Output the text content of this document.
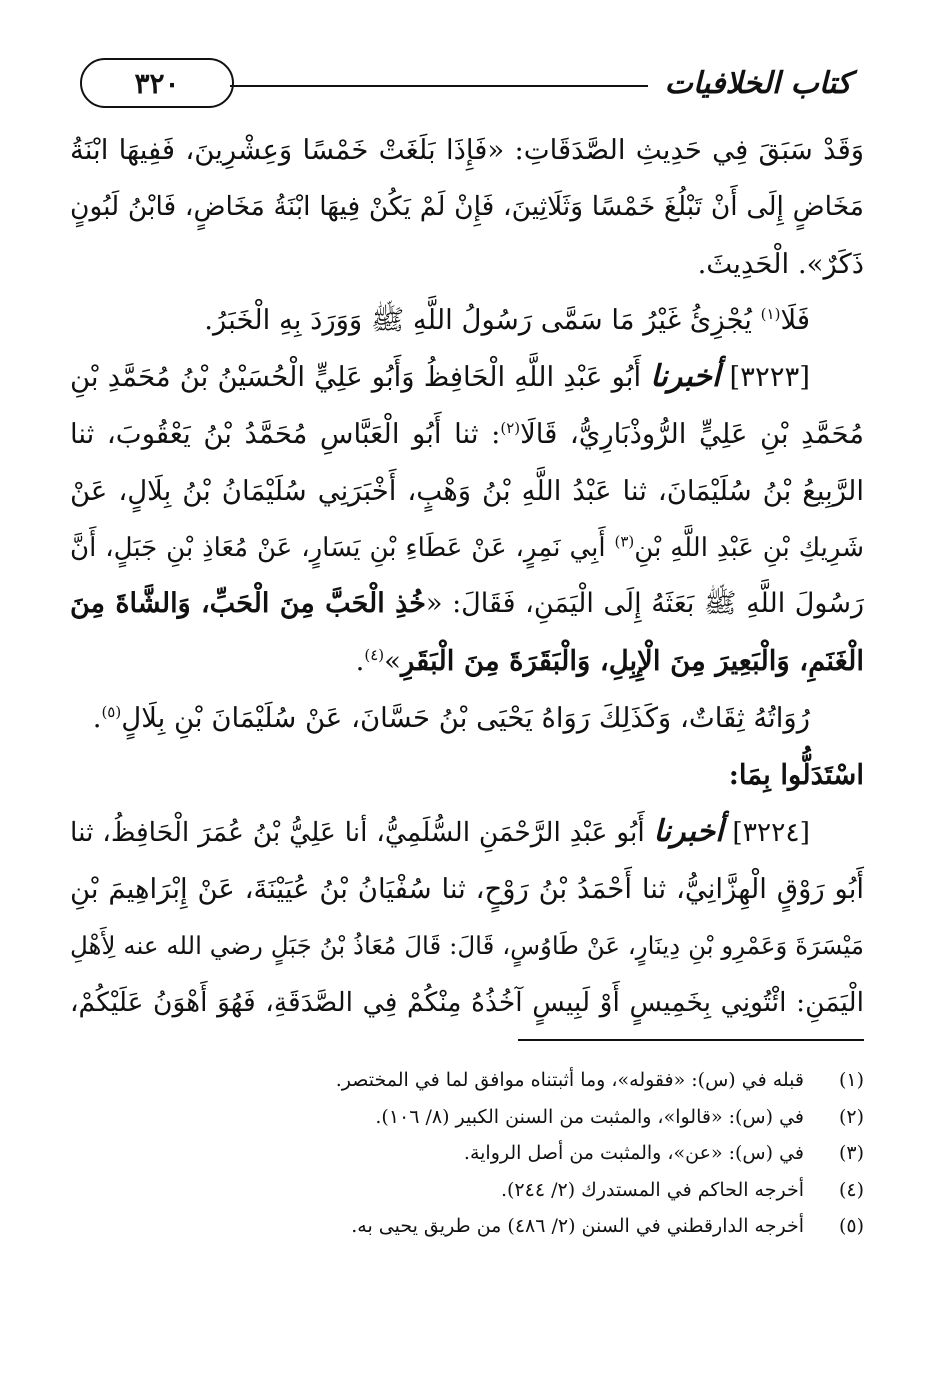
٣٢٠	كتاب الخلافيات
وَقَدْ سَبَقَ فِي حَدِيثِ الصَّدَقَاتِ: «فَإِذَا بَلَغَتْ خَمْسًا وَعِشْرِينَ، فَفِيهَا ابْنَةُ
مَخَاضٍ إِلَى أَنْ تَبْلُغَ خَمْسًا وَثَلَاثِينَ، فَإِنْ لَمْ يَكُنْ فِيهَا ابْنَةُ مَخَاضٍ، فَابْنُ لَبُونٍ
ذَكَرٌ». الْحَدِيثَ.
فَلَا$^{(١)}$ يُجْزِئُ غَيْرُ مَا سَمَّى رَسُولُ اللَّهِ ﷺ وَوَرَدَ بِهِ الْخَبَرُ.
[٣٢٢٣] أخبرنا أَبُو عَبْدِ اللَّهِ الْحَافِظُ وَأَبُو عَلِيٍّ الْحُسَيْنُ بْنُ مُحَمَّدِ بْنِ
مُحَمَّدِ بْنِ عَلِيٍّ الرُّوذْبَارِيُّ، قَالَا$^{(٢)}$: ثنا أَبُو الْعَبَّاسِ مُحَمَّدُ بْنُ يَعْقُوبَ، ثنا
الرَّبِيعُ بْنُ سُلَيْمَانَ، ثنا عَبْدُ اللَّهِ بْنُ وَهْبٍ، أَخْبَرَنِي سُلَيْمَانُ بْنُ بِلَالٍ، عَنْ
شَرِيكِ بْنِ عَبْدِ اللَّهِ بْنِ$^{(٣)}$ أَبِي نَمِرٍ، عَنْ عَطَاءِ بْنِ يَسَارٍ، عَنْ مُعَاذِ بْنِ جَبَلٍ، أَنَّ
رَسُولَ اللَّهِ ﷺ بَعَثَهُ إِلَى الْيَمَنِ، فَقَالَ: «خُذِ الْحَبَّ مِنَ الْحَبِّ، وَالشَّاةَ مِنَ
الْغَنَمِ، وَالْبَعِيرَ مِنَ الْإِبِلِ، وَالْبَقَرَةَ مِنَ الْبَقَرِ»$^{(٤)}$.
رُوَاتُهُ ثِقَاتٌ، وَكَذَلِكَ رَوَاهُ يَحْيَى بْنُ حَسَّانَ، عَنْ سُلَيْمَانَ بْنِ بِلَالٍ$^{(٥)}$.
اسْتَدَلُّوا بِمَا:
[٣٢٢٤] أخبرنا أَبُو عَبْدِ الرَّحْمَنِ السُّلَمِيُّ، أنا عَلِيُّ بْنُ عُمَرَ الْحَافِظُ، ثنا
أَبُو رَوْقٍ الْهِزَّانِيُّ، ثنا أَحْمَدُ بْنُ رَوْحٍ، ثنا سُفْيَانُ بْنُ عُيَيْنَةَ، عَنْ إِبْرَاهِيمَ بْنِ
مَيْسَرَةَ وَعَمْرِو بْنِ دِينَارٍ، عَنْ طَاوُسٍ، قَالَ: قَالَ مُعَاذُ بْنُ جَبَلٍ رضي الله عنه لِأَهْلِ
الْيَمَنِ: ائْتُونِي بِخَمِيسٍ أَوْ لَبِيسٍ آخُذُهُ مِنْكُمْ فِي الصَّدَقَةِ، فَهُوَ أَهْوَنُ عَلَيْكُمْ،
(١)
قبله في (س): «فقوله»، وما أثبتناه موافق لما في المختصر.
(٢)
في (س): «قالوا»، والمثبت من السنن الكبير (٨/ ١٠٦).
(٣)
في (س): «عن»، والمثبت من أصل الرواية.
(٤)
أخرجه الحاكم في المستدرك (٢/ ٢٤٤).
(٥)
أخرجه الدارقطني في السنن (٢/ ٤٨٦) من طريق يحيى به.
